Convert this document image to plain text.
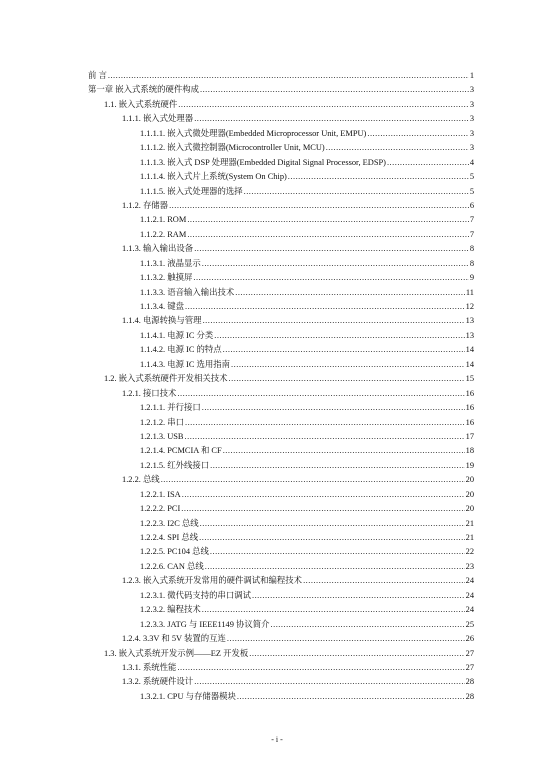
前 言 .....	1
第一章 嵌入式系统的硬件构成 .....	3
1.1. 嵌入式系统硬件 .....	3
1.1.1. 嵌入式处理器 .....	3
1.1.1.1. 嵌入式微处理器(Embedded Microprocessor Unit, EMPU) .....	3
1.1.1.2. 嵌入式微控制器(Microcontroller Unit, MCU) .....	3
1.1.1.3. 嵌入式 DSP 处理器(Embedded Digital Signal Processor, EDSP) .....	4
1.1.1.4. 嵌入式片上系统(System On Chip) .....	5
1.1.1.5. 嵌入式处理器的选择 .....	5
1.1.2. 存储器 .....	6
1.1.2.1. ROM .....	7
1.1.2.2. RAM .....	7
1.1.3. 输入输出设备 .....	8
1.1.3.1. 液晶显示 .....	8
1.1.3.2. 触摸屏 .....	9
1.1.3.3. 语音输入输出技术 .....	11
1.1.3.4. 键盘 .....	12
1.1.4. 电源转换与管理 .....	13
1.1.4.1. 电源 IC 分类 .....	13
1.1.4.2. 电源 IC 的特点 .....	14
1.1.4.3. 电源 IC 选用指南 .....	14
1.2. 嵌入式系统硬件开发相关技术 .....	15
1.2.1. 接口技术 .....	16
1.2.1.1. 并行接口 .....	16
1.2.1.2. 串口 .....	16
1.2.1.3. USB .....	17
1.2.1.4. PCMCIA 和 CF .....	18
1.2.1.5. 红外线接口 .....	19
1.2.2. 总线 .....	20
1.2.2.1. ISA .....	20
1.2.2.2. PCI .....	20
1.2.2.3. I2C 总线 .....	21
1.2.2.4. SPI 总线 .....	21
1.2.2.5. PC104 总线 .....	22
1.2.2.6. CAN 总线 .....	23
1.2.3. 嵌入式系统开发常用的硬件调试和编程技术 .....	24
1.2.3.1. 微代码支持的串口调试 .....	24
1.2.3.2. 编程技术 .....	24
1.2.3.3. JATG 与 IEEE1149 协议简介 .....	25
1.2.4. 3.3V 和 5V 装置的互连 .....	26
1.3. 嵌入式系统开发示例——EZ 开发板 .....	27
1.3.1. 系统性能 .....	27
1.3.2. 系统硬件设计 .....	28
1.3.2.1. CPU 与存储器模块 .....	28
- i -
